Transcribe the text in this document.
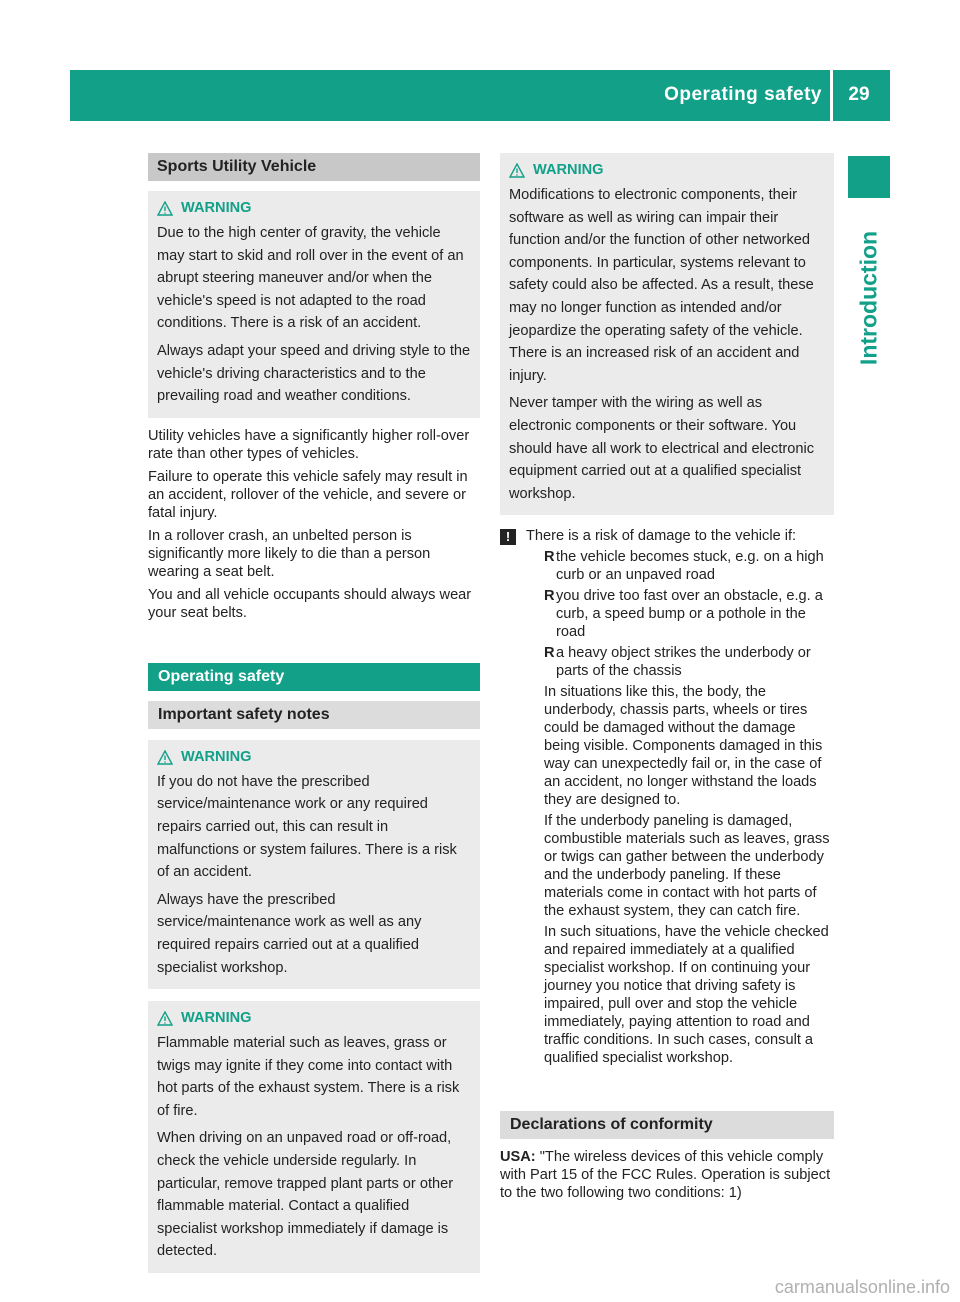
Operating safety	29
Introduction
Sports Utility Vehicle
WARNING

Due to the high center of gravity, the vehicle may start to skid and roll over in the event of an abrupt steering maneuver and/or when the vehicle's speed is not adapted to the road conditions. There is a risk of an accident.

Always adapt your speed and driving style to the vehicle's driving characteristics and to the prevailing road and weather conditions.

Utility vehicles have a significantly higher roll-over rate than other types of vehicles.

Failure to operate this vehicle safely may result in an accident, rollover of the vehicle, and severe or fatal injury.

In a rollover crash, an unbelted person is significantly more likely to die than a person wearing a seat belt.

You and all vehicle occupants should always wear your seat belts.

Operating safety
Important safety notes
WARNING

If you do not have the prescribed service/maintenance work or any required repairs carried out, this can result in malfunctions or system failures. There is a risk of an accident.

Always have the prescribed service/maintenance work as well as any required repairs carried out at a qualified specialist workshop.

WARNING

Flammable material such as leaves, grass or twigs may ignite if they come into contact with hot parts of the exhaust system. There is a risk of fire.

When driving on an unpaved road or off-road, check the vehicle underside regularly. In particular, remove trapped plant parts or other flammable material. Contact a qualified specialist workshop immediately if damage is detected.

WARNING

Modifications to electronic components, their software as well as wiring can impair their function and/or the function of other networked components. In particular, systems relevant to safety could also be affected. As a result, these may no longer function as intended and/or jeopardize the operating safety of the vehicle. There is an increased risk of an accident and injury.

Never tamper with the wiring as well as electronic components or their software. You should have all work to electrical and electronic equipment carried out at a qualified specialist workshop.

!	There is a risk of damage to the vehicle if:

R the vehicle becomes stuck, e.g. on a high curb or an unpaved road
R you drive too fast over an obstacle, e.g. a curb, a speed bump or a pothole in the road
R a heavy object strikes the underbody or parts of the chassis

In situations like this, the body, the underbody, chassis parts, wheels or tires could be damaged without the damage being visible. Components damaged in this way can unexpectedly fail or, in the case of an accident, no longer withstand the loads they are designed to.

If the underbody paneling is damaged, combustible materials such as leaves, grass or twigs can gather between the underbody and the underbody paneling. If these materials come in contact with hot parts of the exhaust system, they can catch fire.

In such situations, have the vehicle checked and repaired immediately at a qualified specialist workshop. If on continuing your journey you notice that driving safety is impaired, pull over and stop the vehicle immediately, paying attention to road and traffic conditions. In such cases, consult a qualified specialist workshop.

Declarations of conformity

USA: "The wireless devices of this vehicle comply with Part 15 of the FCC Rules. Operation is subject to the two following two conditions: 1)

carmanualsonline.info
